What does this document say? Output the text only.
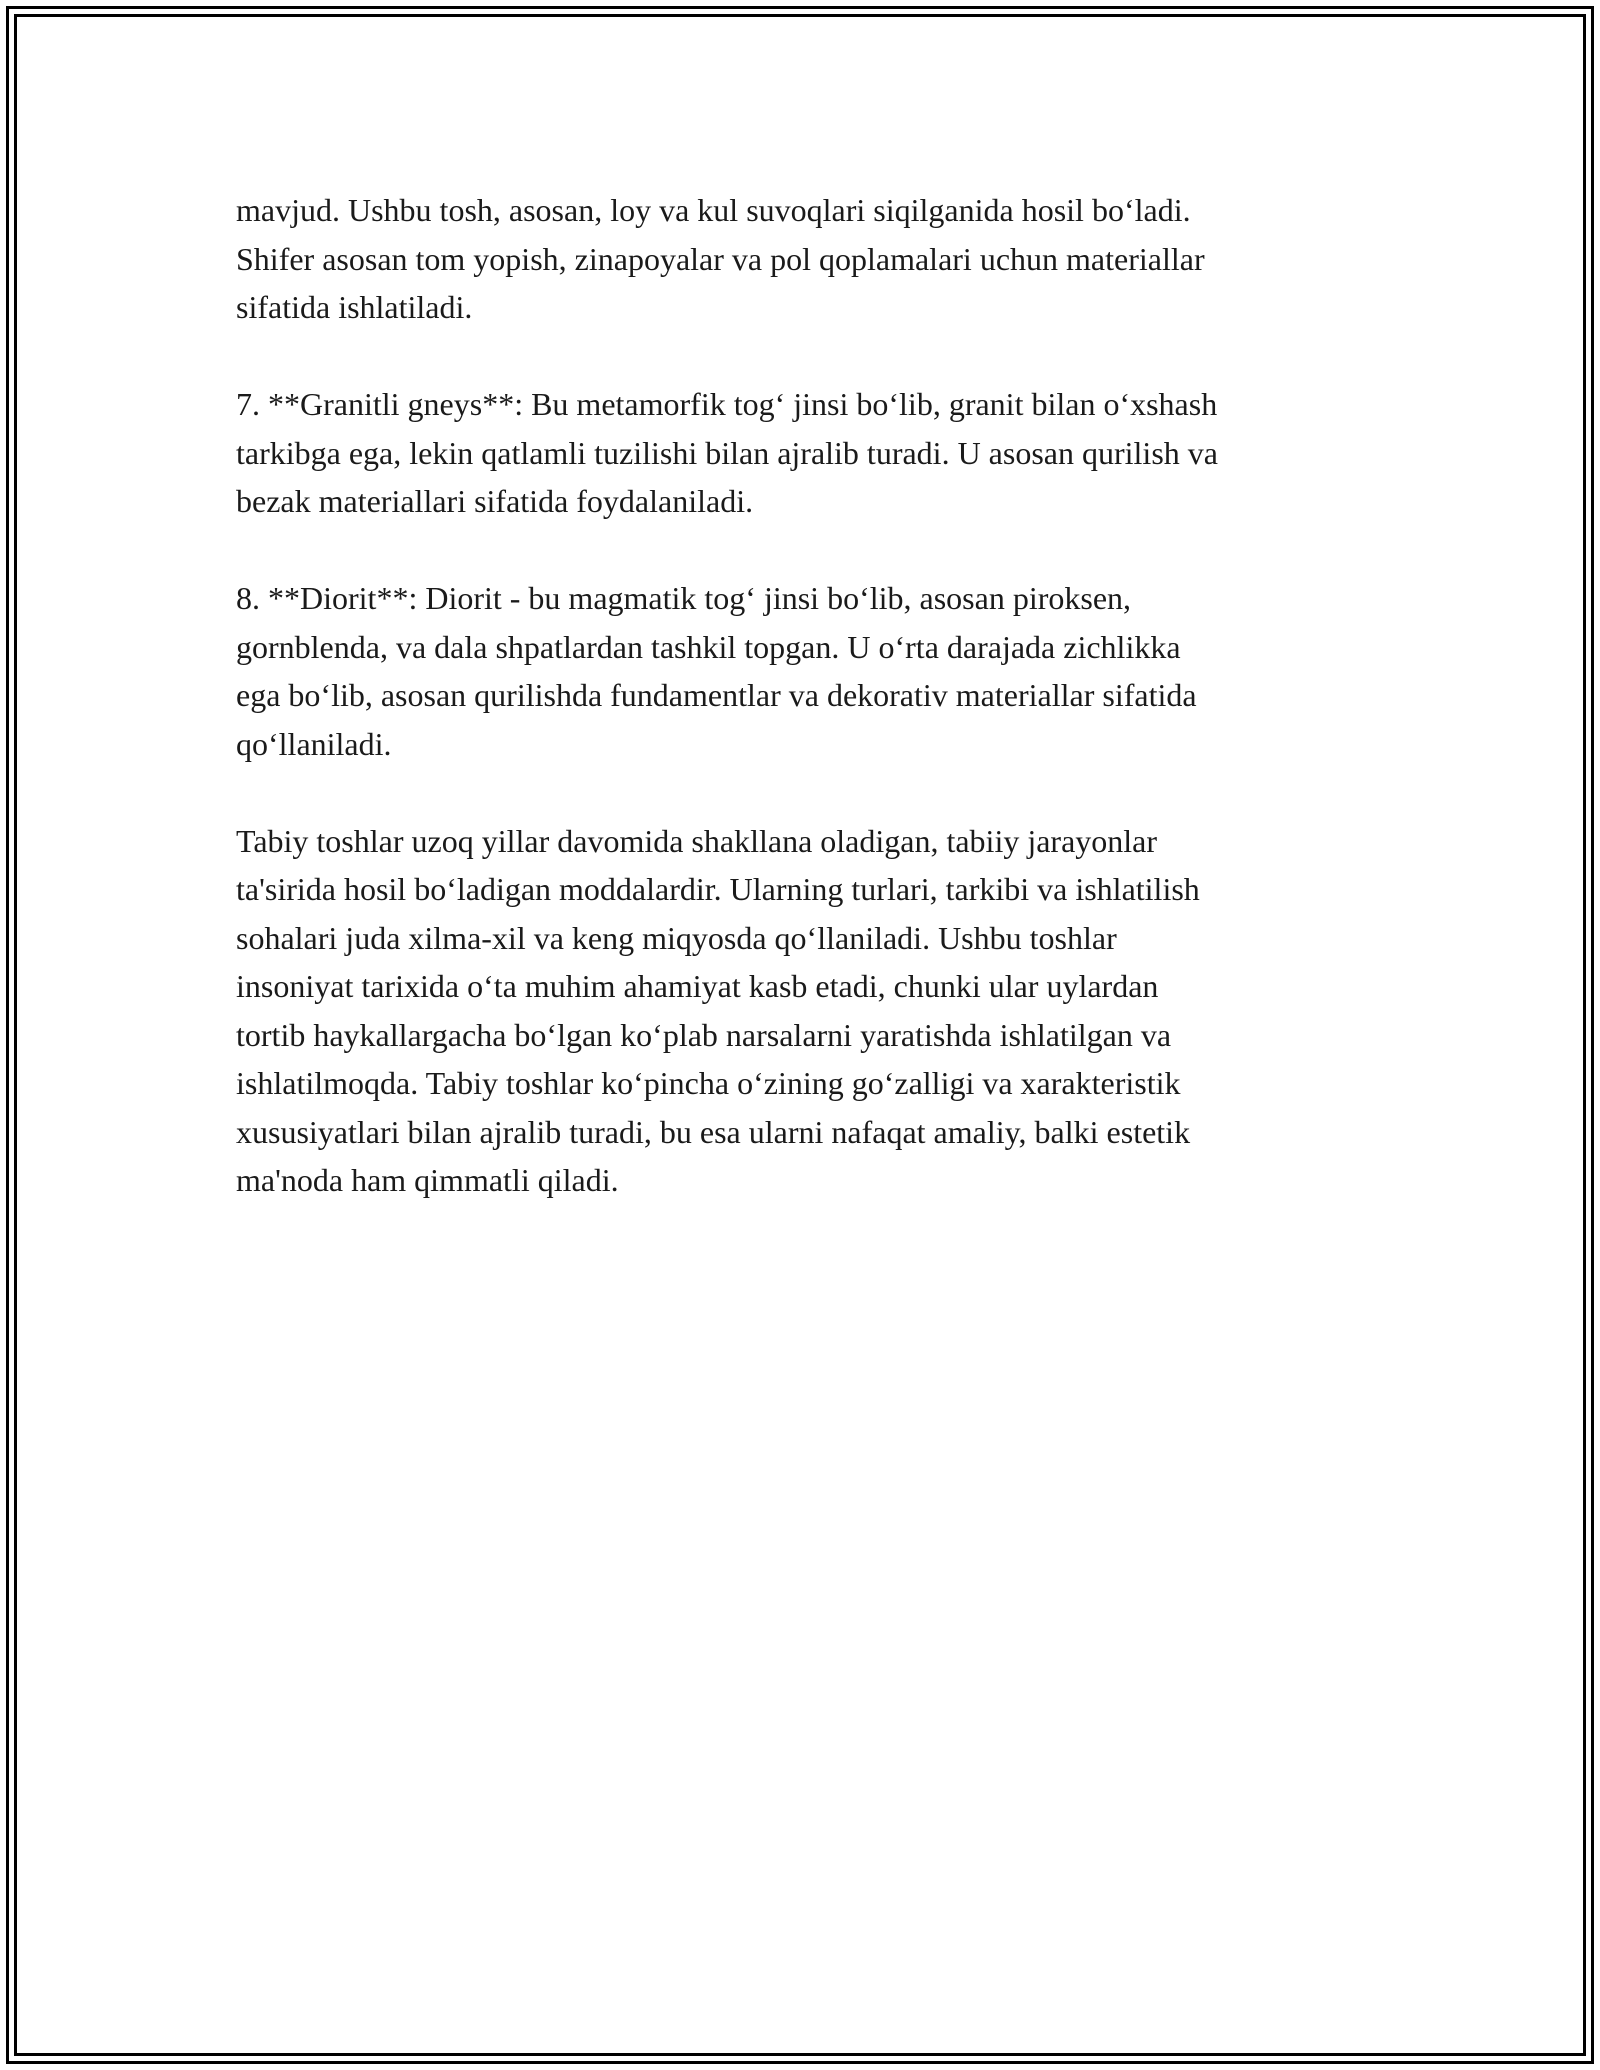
mavjud. Ushbu tosh, asosan, loy va kul suvoqlari siqilganida hosil bo‘ladi.
Shifer asosan tom yopish, zinapoyalar va pol qoplamalari uchun materiallar
sifatida ishlatiladi.

7. **Granitli gneys**: Bu metamorfik tog‘ jinsi bo‘lib, granit bilan o‘xshash
tarkibga ega, lekin qatlamli tuzilishi bilan ajralib turadi. U asosan qurilish va
bezak materiallari sifatida foydalaniladi.

8. **Diorit**: Diorit - bu magmatik tog‘ jinsi bo‘lib, asosan piroksen,
gornblenda, va dala shpatlardan tashkil topgan. U o‘rta darajada zichlikka
ega bo‘lib, asosan qurilishda fundamentlar va dekorativ materiallar sifatida
qo‘llaniladi.

Tabiy toshlar uzoq yillar davomida shakllana oladigan, tabiiy jarayonlar
ta'sirida hosil bo‘ladigan moddalardir. Ularning turlari, tarkibi va ishlatilish
sohalari juda xilma-xil va keng miqyosda qo‘llaniladi. Ushbu toshlar
insoniyat tarixida o‘ta muhim ahamiyat kasb etadi, chunki ular uylardan
tortib haykallargacha bo‘lgan ko‘plab narsalarni yaratishda ishlatilgan va
ishlatilmoqda. Tabiy toshlar ko‘pincha o‘zining go‘zalligi va xarakteristik
xususiyatlari bilan ajralib turadi, bu esa ularni nafaqat amaliy, balki estetik
ma'noda ham qimmatli qiladi.
